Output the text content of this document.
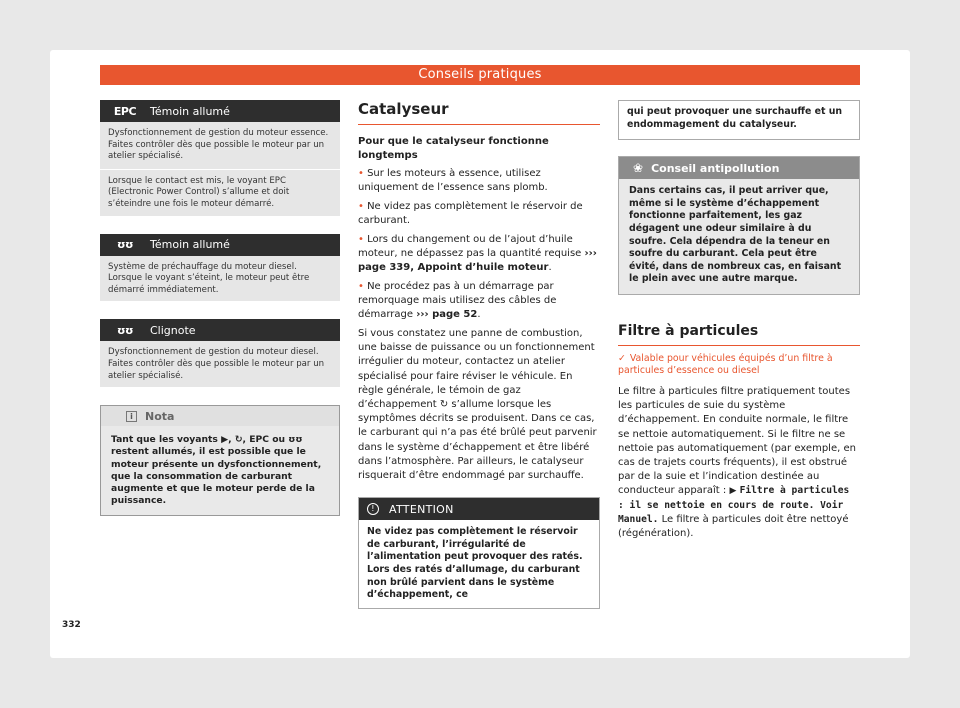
Conseils pratiques
EPC	Témoin allumé

Dysfonctionnement de gestion du moteur essence. Faites contrôler dès que possible le moteur par un atelier spécialisé.

Lorsque le contact est mis, le voyant EPC (Electronic Power Control) s’allume et doit s’éteindre une fois le moteur démarré.

ʊʊ	Témoin allumé

Système de préchauffage du moteur diesel. Lorsque le voyant s’éteint, le moteur peut être démarré immédiatement.

ʊʊ	Clignote

Dysfonctionnement de gestion du moteur diesel. Faites contrôler dès que possible le moteur par un atelier spécialisé.

i	Nota
Tant que les voyants ▶, ↻, EPC ou ʊʊ restent allumés, il est possible que le moteur présente un dysfonctionnement, que la consommation de carburant augmente et que le moteur perde de la puissance.
Catalyseur
Pour que le catalyseur fonctionne longtemps
• Sur les moteurs à essence, utilisez uniquement de l’essence sans plomb.
• Ne videz pas complètement le réservoir de carburant.
• Lors du changement ou de l’ajout d’huile moteur, ne dépassez pas la quantité requise ››› page 339, Appoint d’huile moteur.
• Ne procédez pas à un démarrage par remorquage mais utilisez des câbles de démarrage ››› page 52.

Si vous constatez une panne de combustion, une baisse de puissance ou un fonctionnement irrégulier du moteur, contactez un atelier spécialisé pour faire réviser le véhicule. En règle générale, le témoin de gaz d’échappement ↻ s’allume lorsque les symptômes décrits se produisent. Dans ce cas, le carburant qui n’a pas été brûlé peut parvenir dans le système d’échappement et être libéré dans l’atmosphère. Par ailleurs, le catalyseur risquerait d’être endommagé par surchauffe.

!	ATTENTION
Ne videz pas complètement le réservoir de carburant, l’irrégularité de l’alimentation peut provoquer des ratés. Lors des ratés d’allumage, du carburant non brûlé parvient dans le système d’échappement, ce
qui peut provoquer une surchauffe et un endommagement du catalyseur.
❀ Conseil antipollution
Dans certains cas, il peut arriver que, même si le système d’échappement fonctionne parfaitement, les gaz dégagent une odeur similaire à du soufre. Cela dépendra de la teneur en soufre du carburant. Cela peut être évité, dans de nombreux cas, en faisant le plein avec une autre marque.
Filtre à particules
✓ Valable pour véhicules équipés d’un filtre à particules d’essence ou diesel

Le filtre à particules filtre pratiquement toutes les particules de suie du système d’échappement. En conduite normale, le filtre se nettoie automatiquement. Si le filtre ne se nettoie pas automatiquement (par exemple, en cas de trajets courts fréquents), il est obstrué par de la suie et l’indication destinée au conducteur apparaît : ▶ Filtre à particules : il se nettoie en cours de route. Voir Manuel. Le filtre à particules doit être nettoyé (régénération).

332
